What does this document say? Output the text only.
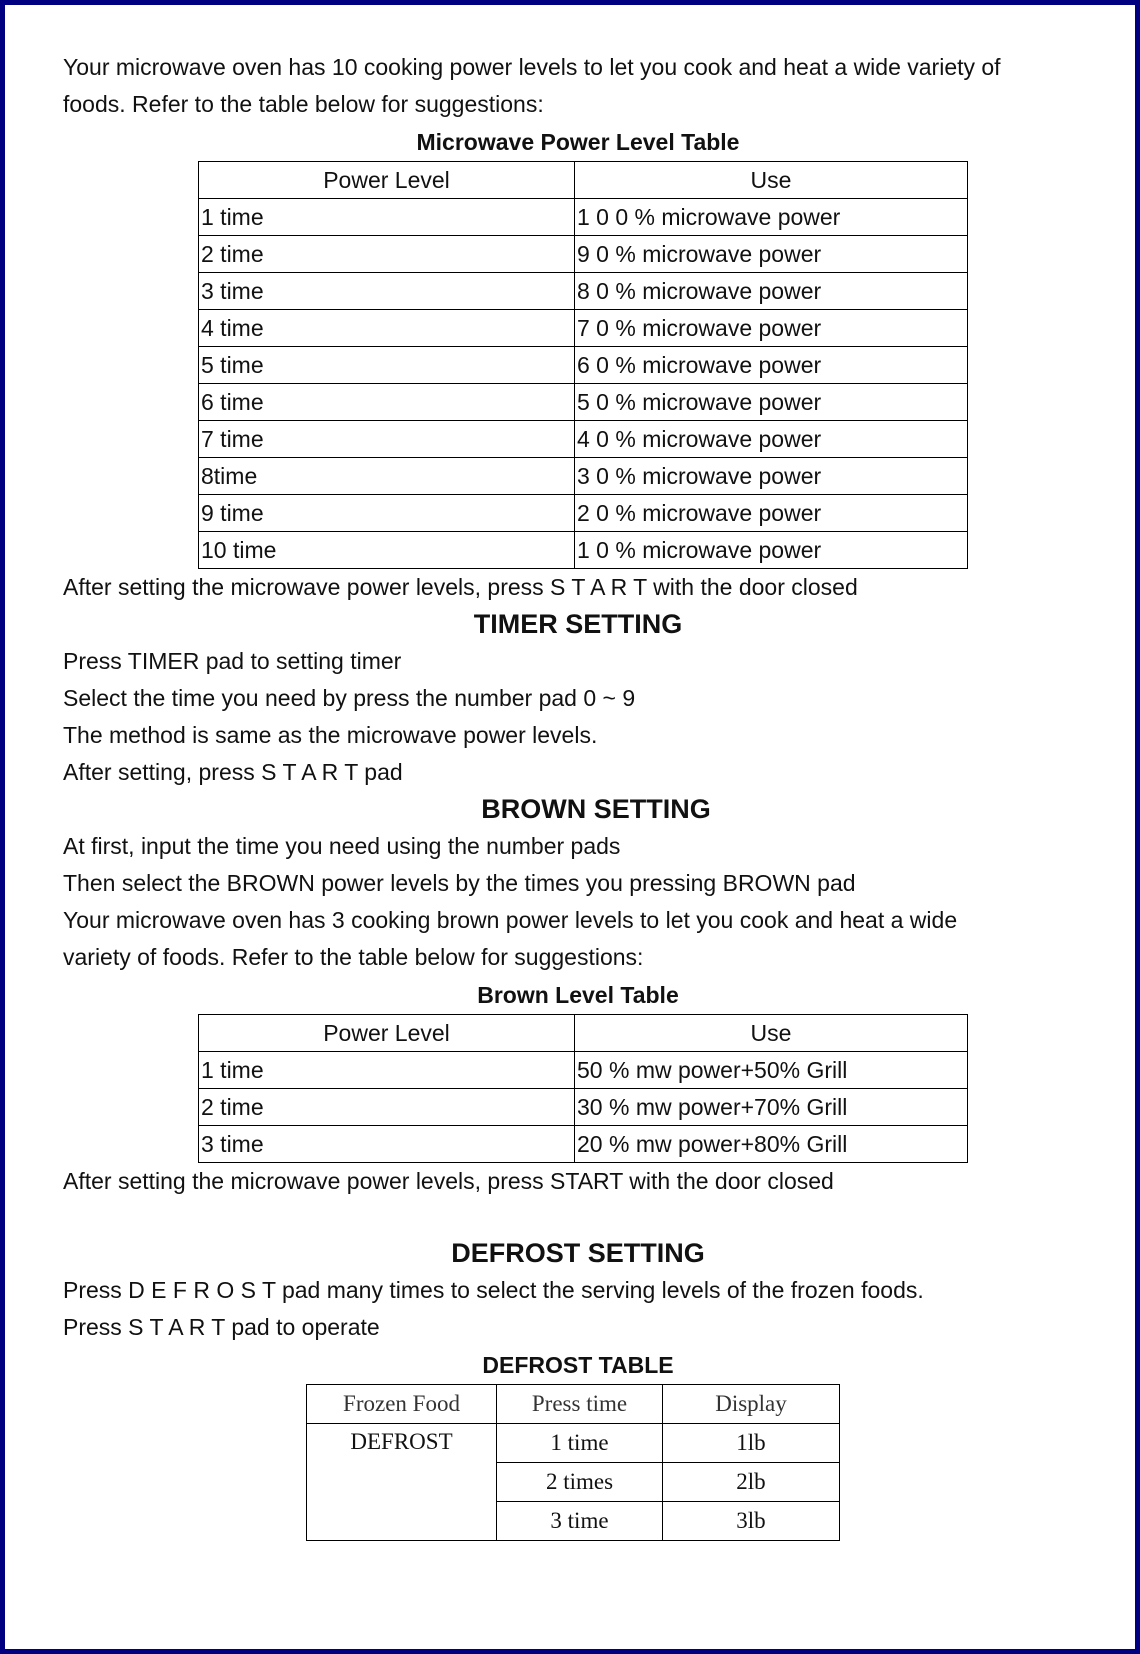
Your microwave oven has 10 cooking power levels to let you cook and heat a wide variety of

foods. Refer to the table below for suggestions:

Microwave Power Level Table
Power Level	Use
1 time	1 0 0 % microwave power
2 time	9 0 % microwave power
3 time	8 0 % microwave power
4 time	7 0 % microwave power
5 time	6 0 % microwave power
6 time	5 0 % microwave power
7 time	4 0 % microwave power
8time	3 0 % microwave power
9 time	2 0 % microwave power
10 time	1 0 % microwave power

After setting the microwave power levels, press S T A R T with the door closed

TIMER SETTING

Press TIMER pad to setting timer

Select the time you need by press the number pad 0 ~ 9

The method is same as the microwave power levels.

After setting, press S T A R T pad

BROWN SETTING

At first, input the time you need using the number pads

Then select the BROWN power levels by the times you pressing BROWN pad

Your microwave oven has 3 cooking brown power levels to let you cook and heat a wide

variety of foods. Refer to the table below for suggestions:

Brown Level Table
Power Level	Use
1 time	50 % mw power+50% Grill
2 time	30 % mw power+70% Grill
3 time	20 % mw power+80% Grill

After setting the microwave power levels, press START with the door closed

DEFROST SETTING

Press D E F R O S T pad many times to select the serving levels of the frozen foods.

Press S T A R T pad to operate

DEFROST TABLE
Frozen Food	Press time	Display
DEFROST	1 time	1lb
	2 times	2lb
	3 time	3lb
